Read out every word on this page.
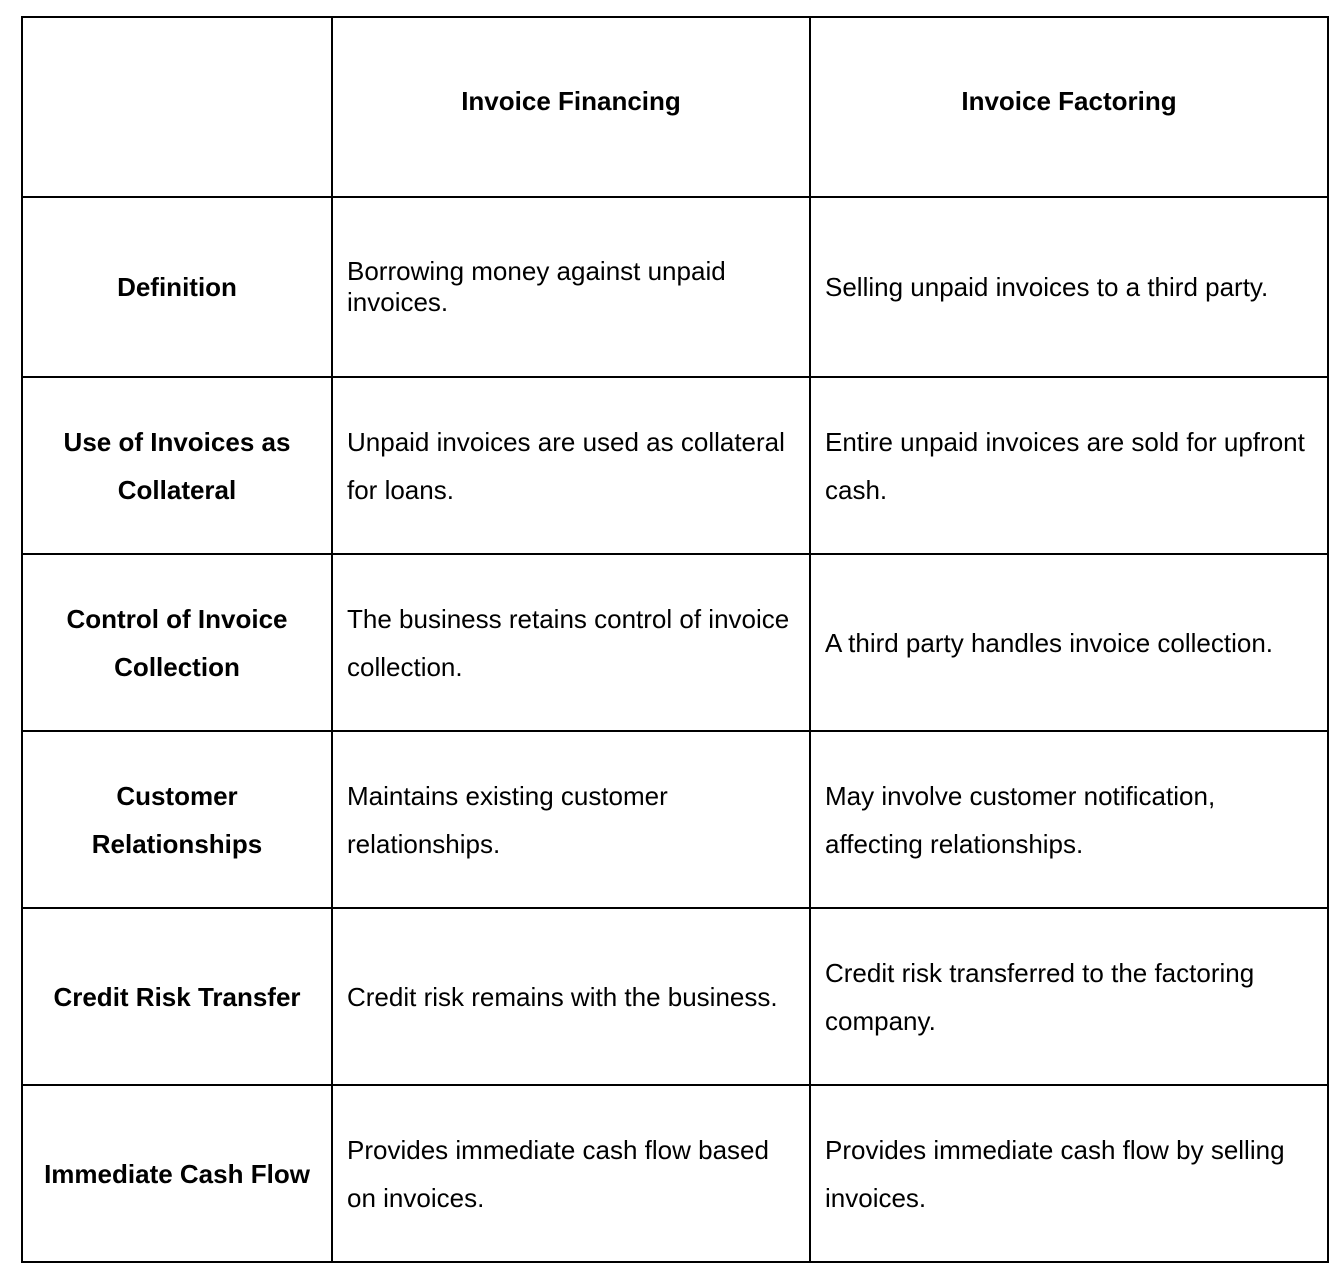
	Invoice Financing	Invoice Factoring
Definition	Borrowing money against unpaid invoices.	Selling unpaid invoices to a third party.
Use of Invoices as Collateral	Unpaid invoices are used as collateral for loans.	Entire unpaid invoices are sold for upfront cash.
Control of Invoice Collection	The business retains control of invoice collection.	A third party handles invoice collection.
Customer Relationships	Maintains existing customer relationships.	May involve customer notification, affecting relationships.
Credit Risk Transfer	Credit risk remains with the business.	Credit risk transferred to the factoring company.
Immediate Cash Flow	Provides immediate cash flow based on invoices.	Provides immediate cash flow by selling invoices.
